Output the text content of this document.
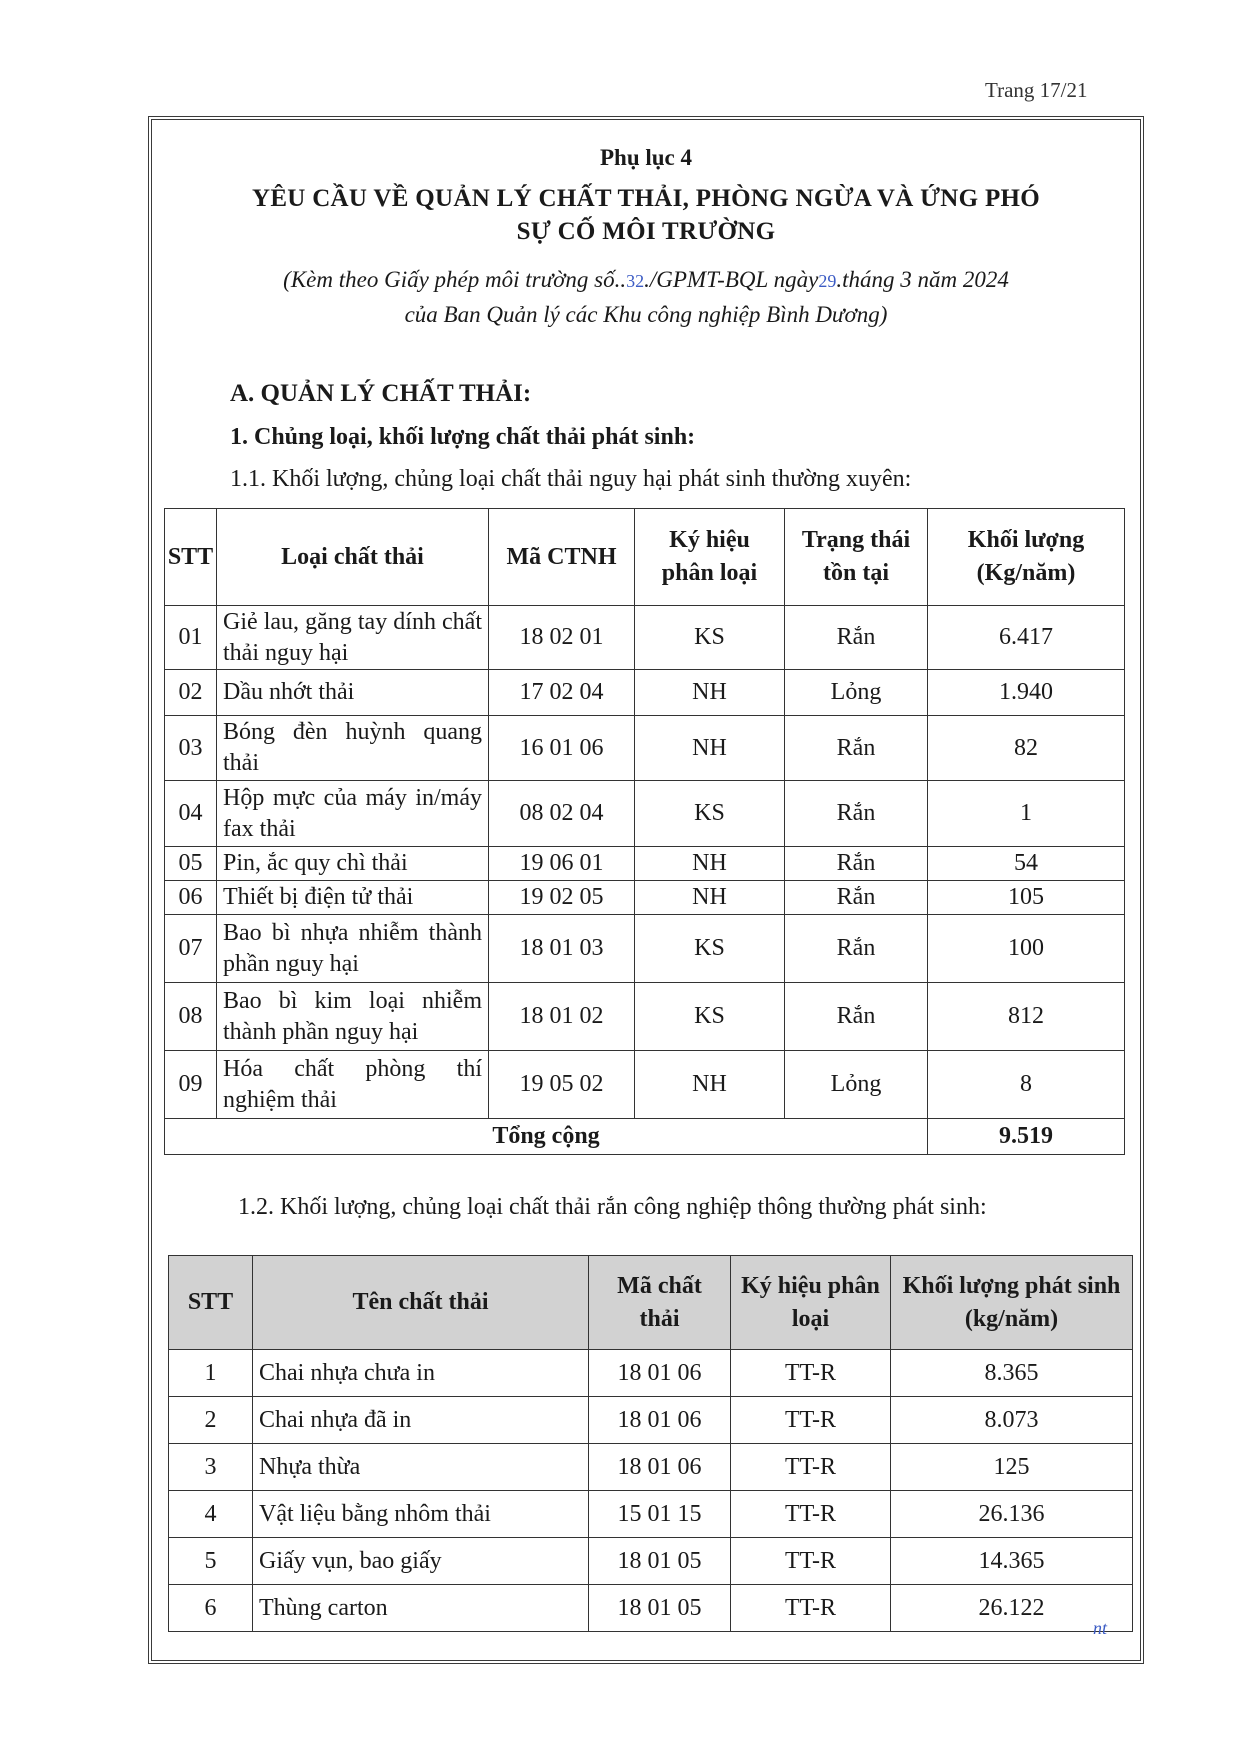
Trang 17/21
Phụ lục 4
YÊU CẦU VỀ QUẢN LÝ CHẤT THẢI, PHÒNG NGỪA VÀ ỨNG PHÓ
SỰ CỐ MÔI TRƯỜNG
(Kèm theo Giấy phép môi trường số..32./GPMT-BQL ngày29.tháng 3 năm 2024
của Ban Quản lý các Khu công nghiệp Bình Dương)
A. QUẢN LÝ CHẤT THẢI:
1. Chủng loại, khối lượng chất thải phát sinh:
1.1. Khối lượng, chủng loại chất thải nguy hại phát sinh thường xuyên:
STT	Loại chất thải	Mã CTNH	Ký hiệu phân loại	Trạng thái tồn tại	Khối lượng (Kg/năm)
01	Giẻ lau, găng tay dính chất thải nguy hại	18 02 01	KS	Rắn	6.417
02	Dầu nhớt thải	17 02 04	NH	Lỏng	1.940
03	Bóng đèn huỳnh quang thải	16 01 06	NH	Rắn	82
04	Hộp mực của máy in/máy fax thải	08 02 04	KS	Rắn	1
05	Pin, ắc quy chì thải	19 06 01	NH	Rắn	54
06	Thiết bị điện tử thải	19 02 05	NH	Rắn	105
07	Bao bì nhựa nhiễm thành phần nguy hại	18 01 03	KS	Rắn	100
08	Bao bì kim loại nhiễm thành phần nguy hại	18 01 02	KS	Rắn	812
09	Hóa chất phòng thí nghiệm thải	19 05 02	NH	Lỏng	8
Tổng cộng					9.519
1.2. Khối lượng, chủng loại chất thải rắn công nghiệp thông thường phát sinh:
STT	Tên chất thải	Mã chất thải	Ký hiệu phân loại	Khối lượng phát sinh (kg/năm)
1	Chai nhựa chưa in	18 01 06	TT-R	8.365
2	Chai nhựa đã in	18 01 06	TT-R	8.073
3	Nhựa thừa	18 01 06	TT-R	125
4	Vật liệu bằng nhôm thải	15 01 15	TT-R	26.136
5	Giấy vụn, bao giấy	18 01 05	TT-R	14.365
6	Thùng carton	18 01 05	TT-R	26.122
nt
